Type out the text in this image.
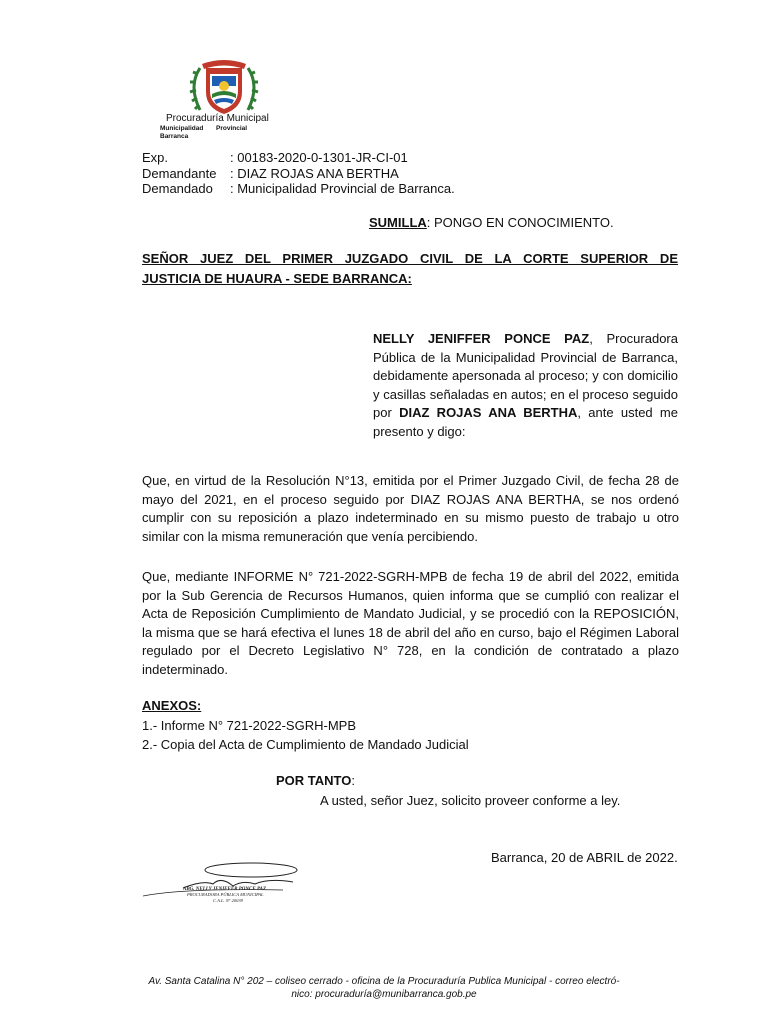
Procuraduría Municipal
Municipalidad Provincial
Barranca
Exp.	: 00183-2020-0-1301-JR-CI-01
Demandante : DIAZ ROJAS ANA BERTHA
Demandado : Municipalidad Provincial de Barranca.
SUMILLA: PONGO EN CONOCIMIENTO.
SEÑOR JUEZ DEL PRIMER JUZGADO CIVIL DE LA CORTE SUPERIOR DE
JUSTICIA DE HUAURA - SEDE BARRANCA:
NELLY JENIFFER PONCE PAZ, Procuradora Pública de la Municipalidad Provincial de Barranca, debidamente apersonada al proceso; y con domicilio y casillas señaladas en autos; en el proceso seguido por DIAZ ROJAS ANA BERTHA, ante usted me presento y digo:
Que, en virtud de la Resolución N°13, emitida por el Primer Juzgado Civil, de fecha 28 de mayo del 2021, en el proceso seguido por DIAZ ROJAS ANA BERTHA, se nos ordenó cumplir con su reposición a plazo indeterminado en su mismo puesto de trabajo u otro similar con la misma remuneración que venía percibiendo.
Que, mediante INFORME N° 721-2022-SGRH-MPB de fecha 19 de abril del 2022, emitida por la Sub Gerencia de Recursos Humanos, quien informa que se cumplió con realizar el Acta de Reposición Cumplimiento de Mandato Judicial, y se procedió con la REPOSICIÓN, la misma que se hará efectiva el lunes 18 de abril del año en curso, bajo el Régimen Laboral regulado por el Decreto Legislativo N° 728, en la condición de contratado a plazo indeterminado.
ANEXOS:
1.- Informe N° 721-2022-SGRH-MPB
2.- Copia del Acta de Cumplimiento de Mandado Judicial
POR TANTO:
A usted, señor Juez, solicito proveer conforme a ley.
Barranca, 20 de ABRIL de 2022.
ABG. NELLY JENIFFER PONCE PAZ
PROCURADORA PÚBLICA MUNICIPAL
C.A.L. N° 20039
Av. Santa Catalina N° 202 – coliseo cerrado - oficina de la Procuraduría Publica Municipal - correo electró-
nico: procuraduría@munibarranca.gob.pe
